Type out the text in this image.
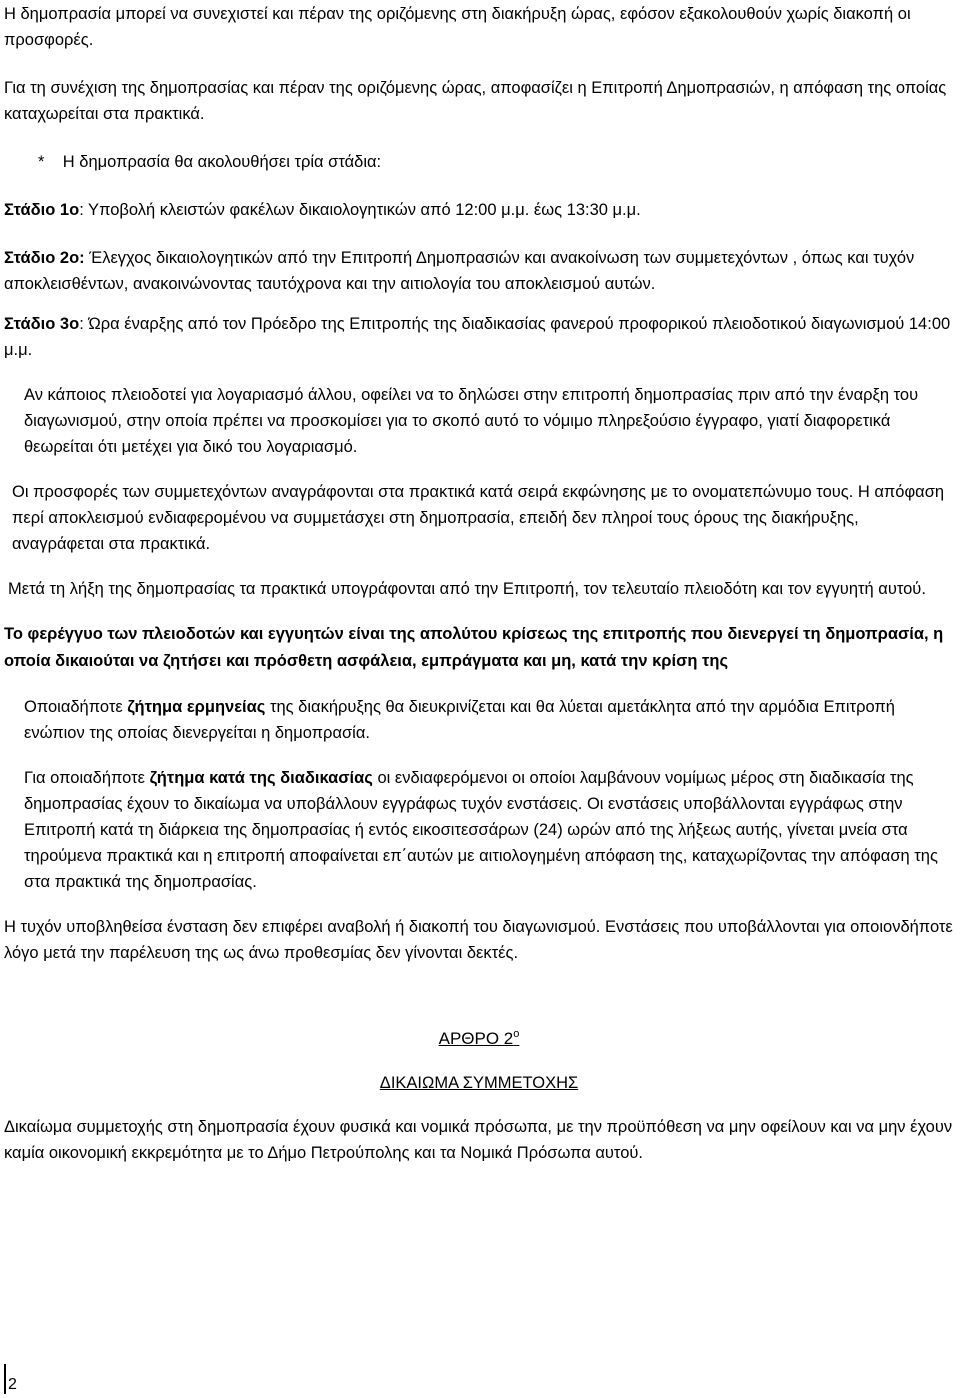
Η δημοπρασία μπορεί να συνεχιστεί και πέραν της οριζόμενης στη διακήρυξη ώρας, εφόσον εξακολουθούν χωρίς διακοπή οι προσφορές.

Για τη συνέχιση της δημοπρασίας και πέραν της οριζόμενης ώρας, αποφασίζει η Επιτροπή Δημοπρασιών, η απόφαση της οποίας καταχωρείται στα πρακτικά.

*    Η δημοπρασία θα ακολουθήσει τρία στάδια:

Στάδιο 1ο: Υποβολή κλειστών φακέλων δικαιολογητικών από 12:00 μ.μ. έως 13:30 μ.μ.

Στάδιο 2ο: Έλεγχος δικαιολογητικών από την Επιτροπή Δημοπρασιών και ανακοίνωση των συμμετεχόντων , όπως και τυχόν αποκλεισθέντων, ανακοινώνοντας ταυτόχρονα και την αιτιολογία του αποκλεισμού αυτών.

Στάδιο 3ο: Ώρα έναρξης από τον Πρόεδρο της Επιτροπής της διαδικασίας φανερού προφορικού πλειοδοτικού διαγωνισμού 14:00 μ.μ.

Αν κάποιος πλειοδοτεί για λογαριασμό άλλου, οφείλει να το δηλώσει στην επιτροπή δημοπρασίας πριν από την έναρξη του διαγωνισμού, στην οποία πρέπει να προσκομίσει για το σκοπό αυτό το νόμιμο πληρεξούσιο έγγραφο, γιατί διαφορετικά θεωρείται ότι μετέχει για δικό του λογαριασμό.

Οι προσφορές των συμμετεχόντων αναγράφονται στα πρακτικά κατά σειρά εκφώνησης με το ονοματεπώνυμο τους. Η απόφαση περί αποκλεισμού ενδιαφερομένου να συμμετάσχει στη δημοπρασία, επειδή δεν πληροί τους όρους της διακήρυξης, αναγράφεται στα πρακτικά.

Μετά τη λήξη της δημοπρασίας τα πρακτικά υπογράφονται από την Επιτροπή, τον τελευταίο πλειοδότη και τον εγγυητή αυτού.

Το φερέγγυο των πλειοδοτών και εγγυητών είναι της απολύτου κρίσεως της επιτροπής που διενεργεί τη δημοπρασία, η οποία δικαιούται να ζητήσει και πρόσθετη ασφάλεια, εμπράγματα και μη, κατά την κρίση της

Οποιαδήποτε ζήτημα ερμηνείας της διακήρυξης θα διευκρινίζεται και θα λύεται αμετάκλητα από την αρμόδια Επιτροπή ενώπιον της οποίας διενεργείται η δημοπρασία.

Για οποιαδήποτε ζήτημα κατά της διαδικασίας οι ενδιαφερόμενοι οι οποίοι λαμβάνουν νομίμως μέρος στη διαδικασία της δημοπρασίας έχουν το δικαίωμα να υποβάλλουν εγγράφως τυχόν ενστάσεις. Οι ενστάσεις υποβάλλονται εγγράφως στην Επιτροπή κατά τη διάρκεια της δημοπρασίας ή εντός εικοσιτεσσάρων (24) ωρών από της λήξεως αυτής, γίνεται μνεία στα τηρούμενα πρακτικά και η επιτροπή αποφαίνεται επ΄αυτών με αιτιολογημένη απόφαση της, καταχωρίζοντας την απόφαση της στα πρακτικά της δημοπρασίας.

Η τυχόν υποβληθείσα ένσταση δεν επιφέρει αναβολή ή διακοπή του διαγωνισμού. Ενστάσεις που υποβάλλονται για οποιονδήποτε λόγο μετά την παρέλευση της ως άνω προθεσμίας δεν γίνονται δεκτές.

ΑΡΘΡΟ $2^o$

ΔΙΚΑΙΩΜΑ ΣΥΜΜΕΤΟΧΗΣ

Δικαίωμα συμμετοχής στη δημοπρασία έχουν φυσικά και νομικά πρόσωπα, με την προϋπόθεση να μην οφείλουν και να μην έχουν καμία οικονομική εκκρεμότητα με το Δήμο Πετρούπολης και τα Νομικά Πρόσωπα αυτού.

2
